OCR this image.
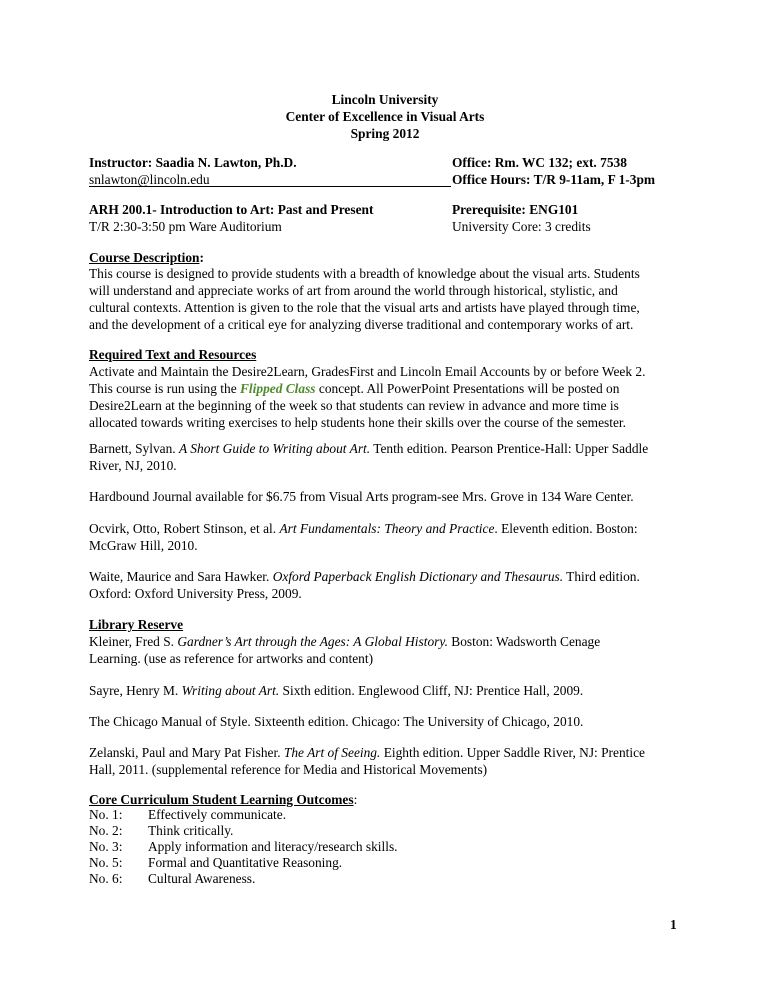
Lincoln University
Center of Excellence in Visual Arts
Spring 2012
Instructor: Saadia N. Lawton, Ph.D.	Office: Rm. WC 132; ext. 7538
snlawton@lincoln.edu	Office Hours: T/R 9-11am, F 1-3pm
ARH 200.1- Introduction to Art: Past and Present	Prerequisite: ENG101
T/R 2:30-3:50 pm Ware Auditorium	University Core: 3 credits
Course Description:
This course is designed to provide students with a breadth of knowledge about the visual arts. Students
will understand and appreciate works of art from around the world through historical, stylistic, and
cultural contexts. Attention is given to the role that the visual arts and artists have played through time,
and the development of a critical eye for analyzing diverse traditional and contemporary works of art.
Required Text and Resources
Activate and Maintain the Desire2Learn, GradesFirst and Lincoln Email Accounts by or before Week 2.
This course is run using the Flipped Class concept. All PowerPoint Presentations will be posted on
Desire2Learn at the beginning of the week so that students can review in advance and more time is
allocated towards writing exercises to help students hone their skills over the course of the semester.
Barnett, Sylvan. A Short Guide to Writing about Art. Tenth edition. Pearson Prentice-Hall: Upper Saddle
River, NJ, 2010.
Hardbound Journal available for $6.75 from Visual Arts program-see Mrs. Grove in 134 Ware Center.
Ocvirk, Otto, Robert Stinson, et al. Art Fundamentals: Theory and Practice. Eleventh edition. Boston:
McGraw Hill, 2010.
Waite, Maurice and Sara Hawker. Oxford Paperback English Dictionary and Thesaurus. Third edition.
Oxford: Oxford University Press, 2009.
Library Reserve
Kleiner, Fred S. Gardner’s Art through the Ages: A Global History. Boston: Wadsworth Cenage
Learning. (use as reference for artworks and content)
Sayre, Henry M. Writing about Art. Sixth edition. Englewood Cliff, NJ: Prentice Hall, 2009.
The Chicago Manual of Style. Sixteenth edition. Chicago: The University of Chicago, 2010.
Zelanski, Paul and Mary Pat Fisher. The Art of Seeing. Eighth edition. Upper Saddle River, NJ: Prentice
Hall, 2011. (supplemental reference for Media and Historical Movements)
Core Curriculum Student Learning Outcomes:
No. 1: Effectively communicate.
No. 2: Think critically.
No. 3: Apply information and literacy/research skills.
No. 5: Formal and Quantitative Reasoning.
No. 6: Cultural Awareness.
1
